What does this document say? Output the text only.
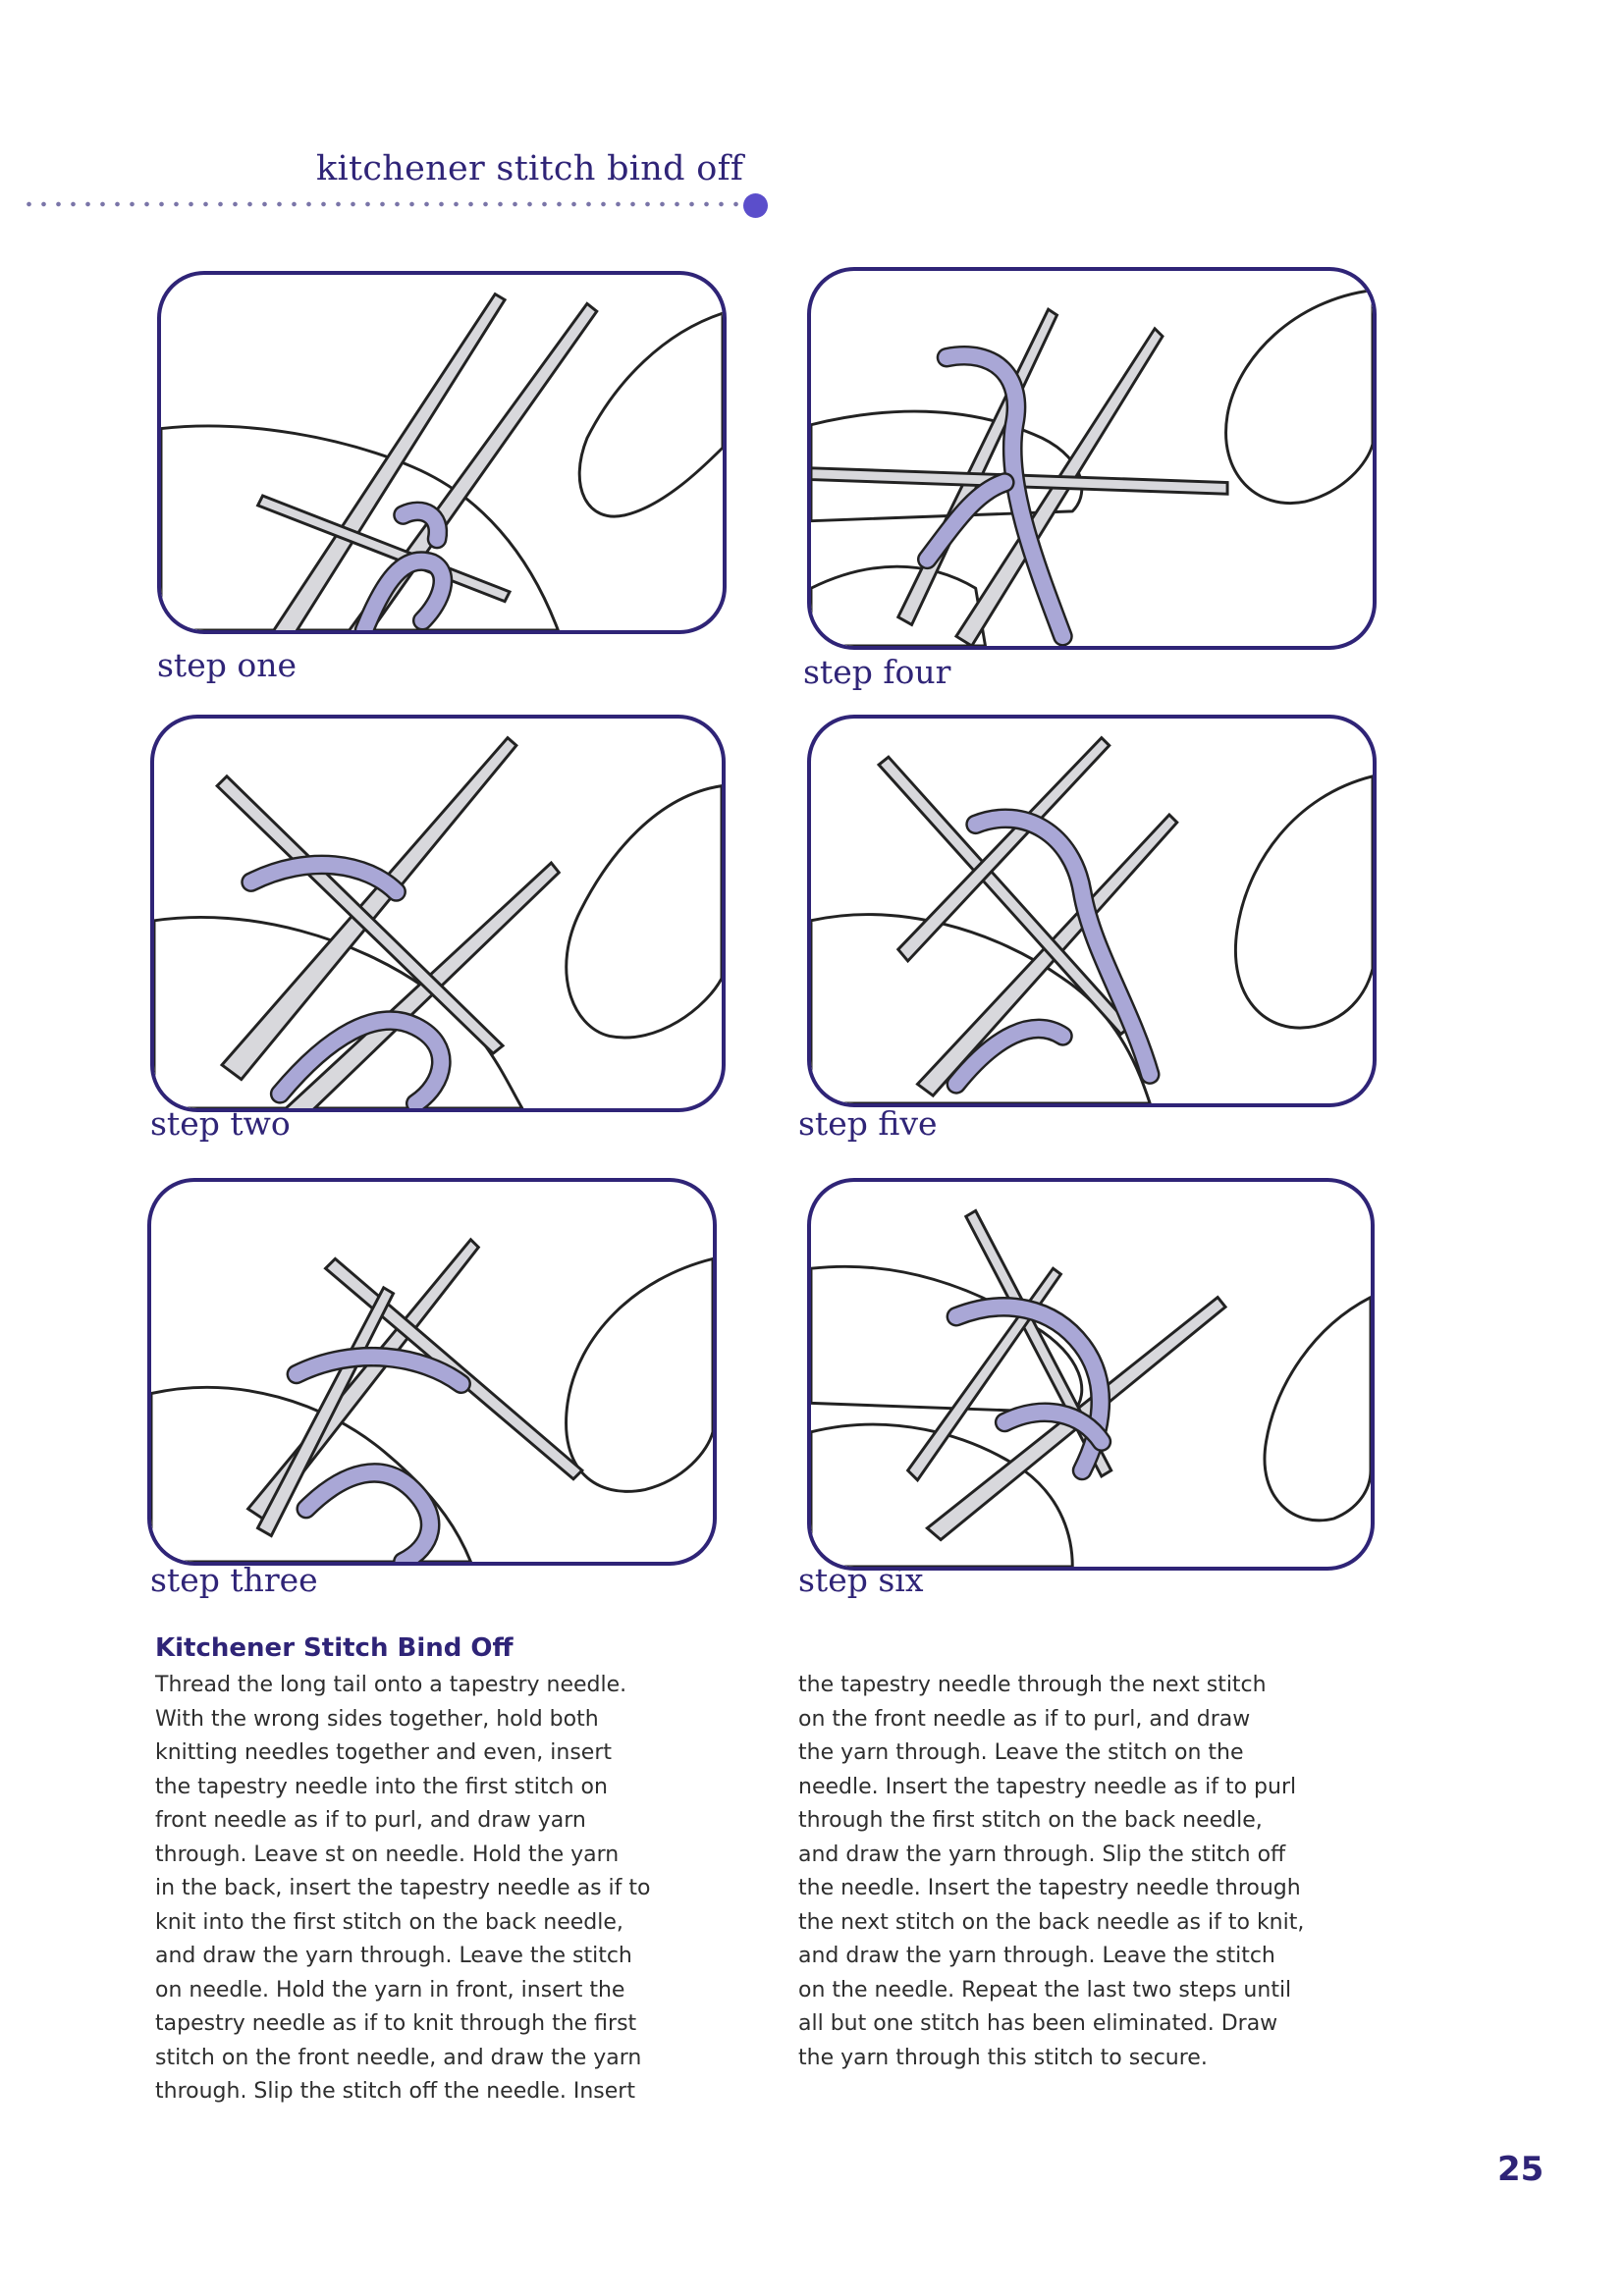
kitchener stitch bind off
step one
step two
step three
step four
step five
step six
Kitchener Stitch Bind Off
Thread the long tail onto a tapestry needle.
With the wrong sides together, hold both
knitting needles together and even, insert
the tapestry needle into the first stitch on
front needle as if to purl, and draw yarn
through. Leave st on needle. Hold the yarn
in the back, insert the tapestry needle as if to
knit into the first stitch on the back needle,
and draw the yarn through. Leave the stitch
on needle. Hold the yarn in front, insert the
tapestry needle as if to knit through the first
stitch on the front needle, and draw the yarn
through. Slip the stitch off the needle. Insert
the tapestry needle through the next stitch
on the front needle as if to purl, and draw
the yarn through. Leave the stitch on the
needle. Insert the tapestry needle as if to purl
through the first stitch on the back needle,
and draw the yarn through. Slip the stitch off
the needle. Insert the tapestry needle through
the next stitch on the back needle as if to knit,
and draw the yarn through. Leave the stitch
on the needle. Repeat the last two steps until
all but one stitch has been eliminated. Draw
the yarn through this stitch to secure.
25
